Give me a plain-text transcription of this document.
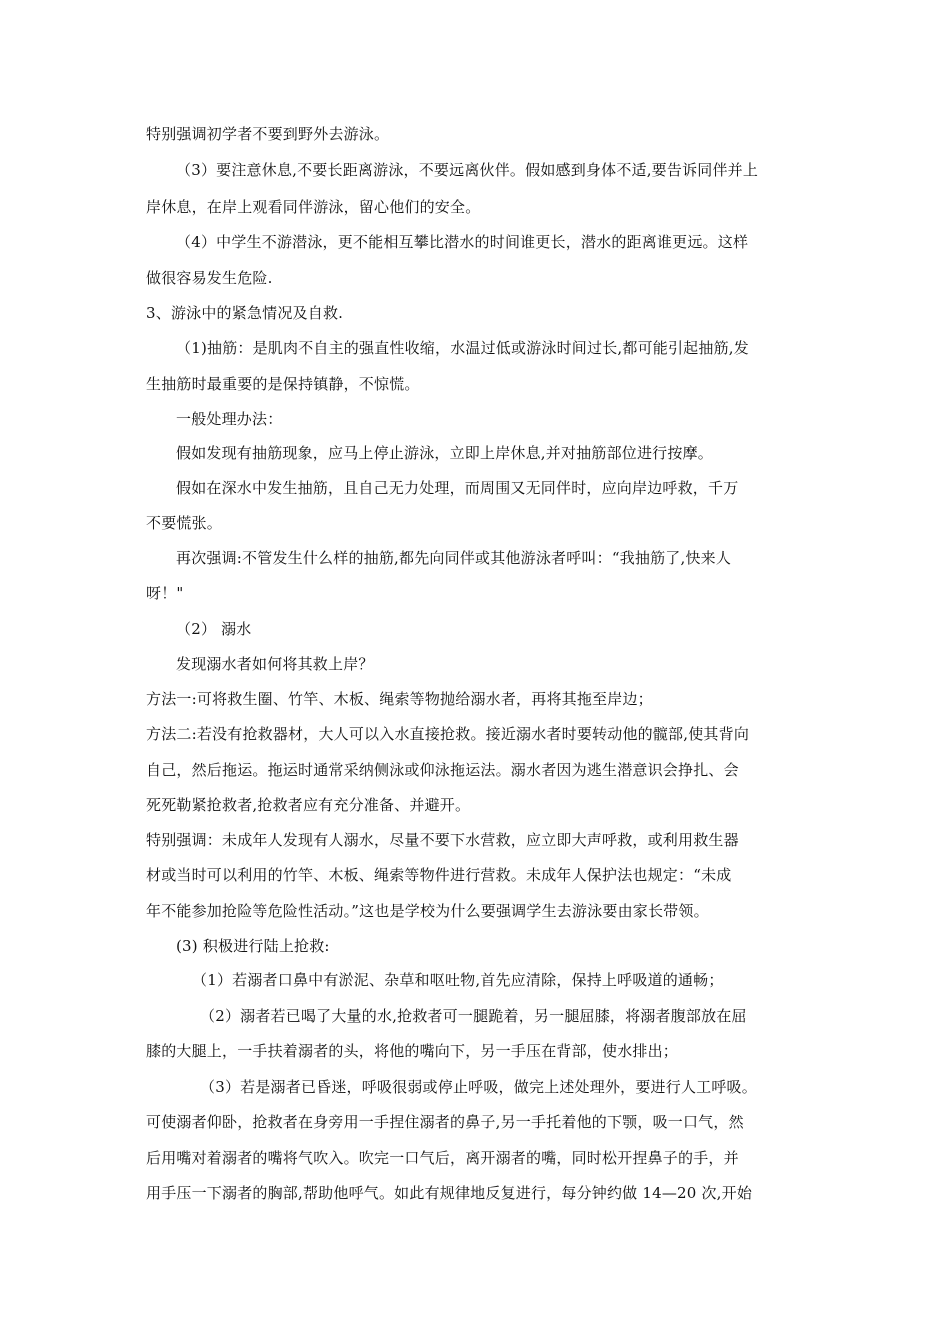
特别强调初学者不要到野外去游泳。
（3）要注意休息,不要长距离游泳，不要远离伙伴。假如感到身体不适,要告诉同伴并上
岸休息，在岸上观看同伴游泳，留心他们的安全。
（4）中学生不游潜泳，更不能相互攀比潜水的时间谁更长，潜水的距离谁更远。这样
做很容易发生危险.
3、游泳中的紧急情况及自救.
（1)抽筋：是肌肉不自主的强直性收缩，水温过低或游泳时间过长,都可能引起抽筋,发
生抽筋时最重要的是保持镇静，不惊慌。
一般处理办法：
假如发现有抽筋现象，应马上停止游泳，立即上岸休息,并对抽筋部位进行按摩。
假如在深水中发生抽筋，且自己无力处理，而周围又无同伴时，应向岸边呼救，千万
不要慌张。
再次强调:不管发生什么样的抽筋,都先向同伴或其他游泳者呼叫：“我抽筋了,快来人
呀！"
（2） 溺水
发现溺水者如何将其救上岸？
方法一:可将救生圈、竹竿、木板、绳索等物抛给溺水者，再将其拖至岸边；
方法二:若没有抢救器材，大人可以入水直接抢救。接近溺水者时要转动他的髋部,使其背向
自己，然后拖运。拖运时通常采纳侧泳或仰泳拖运法。溺水者因为逃生潜意识会挣扎、会
死死勒紧抢救者,抢救者应有充分准备、并避开。
特别强调：未成年人发现有人溺水，尽量不要下水营救，应立即大声呼救，或利用救生器
材或当时可以利用的竹竿、木板、绳索等物件进行营救。未成年人保护法也规定：“未成
年不能参加抢险等危险性活动。”这也是学校为什么要强调学生去游泳要由家长带领。
(3) 积极进行陆上抢救:
（1）若溺者口鼻中有淤泥、杂草和呕吐物,首先应清除，保持上呼吸道的通畅；
（2）溺者若已喝了大量的水,抢救者可一腿跪着，另一腿屈膝，将溺者腹部放在屈
膝的大腿上，一手扶着溺者的头，将他的嘴向下，另一手压在背部，使水排出；
（3）若是溺者已昏迷，呼吸很弱或停止呼吸，做完上述处理外，要进行人工呼吸。
可使溺者仰卧，抢救者在身旁用一手捏住溺者的鼻子,另一手托着他的下颚，吸一口气，然
后用嘴对着溺者的嘴将气吹入。吹完一口气后，离开溺者的嘴，同时松开捏鼻子的手，并
用手压一下溺者的胸部,帮助他呼气。如此有规律地反复进行，每分钟约做 14—20 次,开始
